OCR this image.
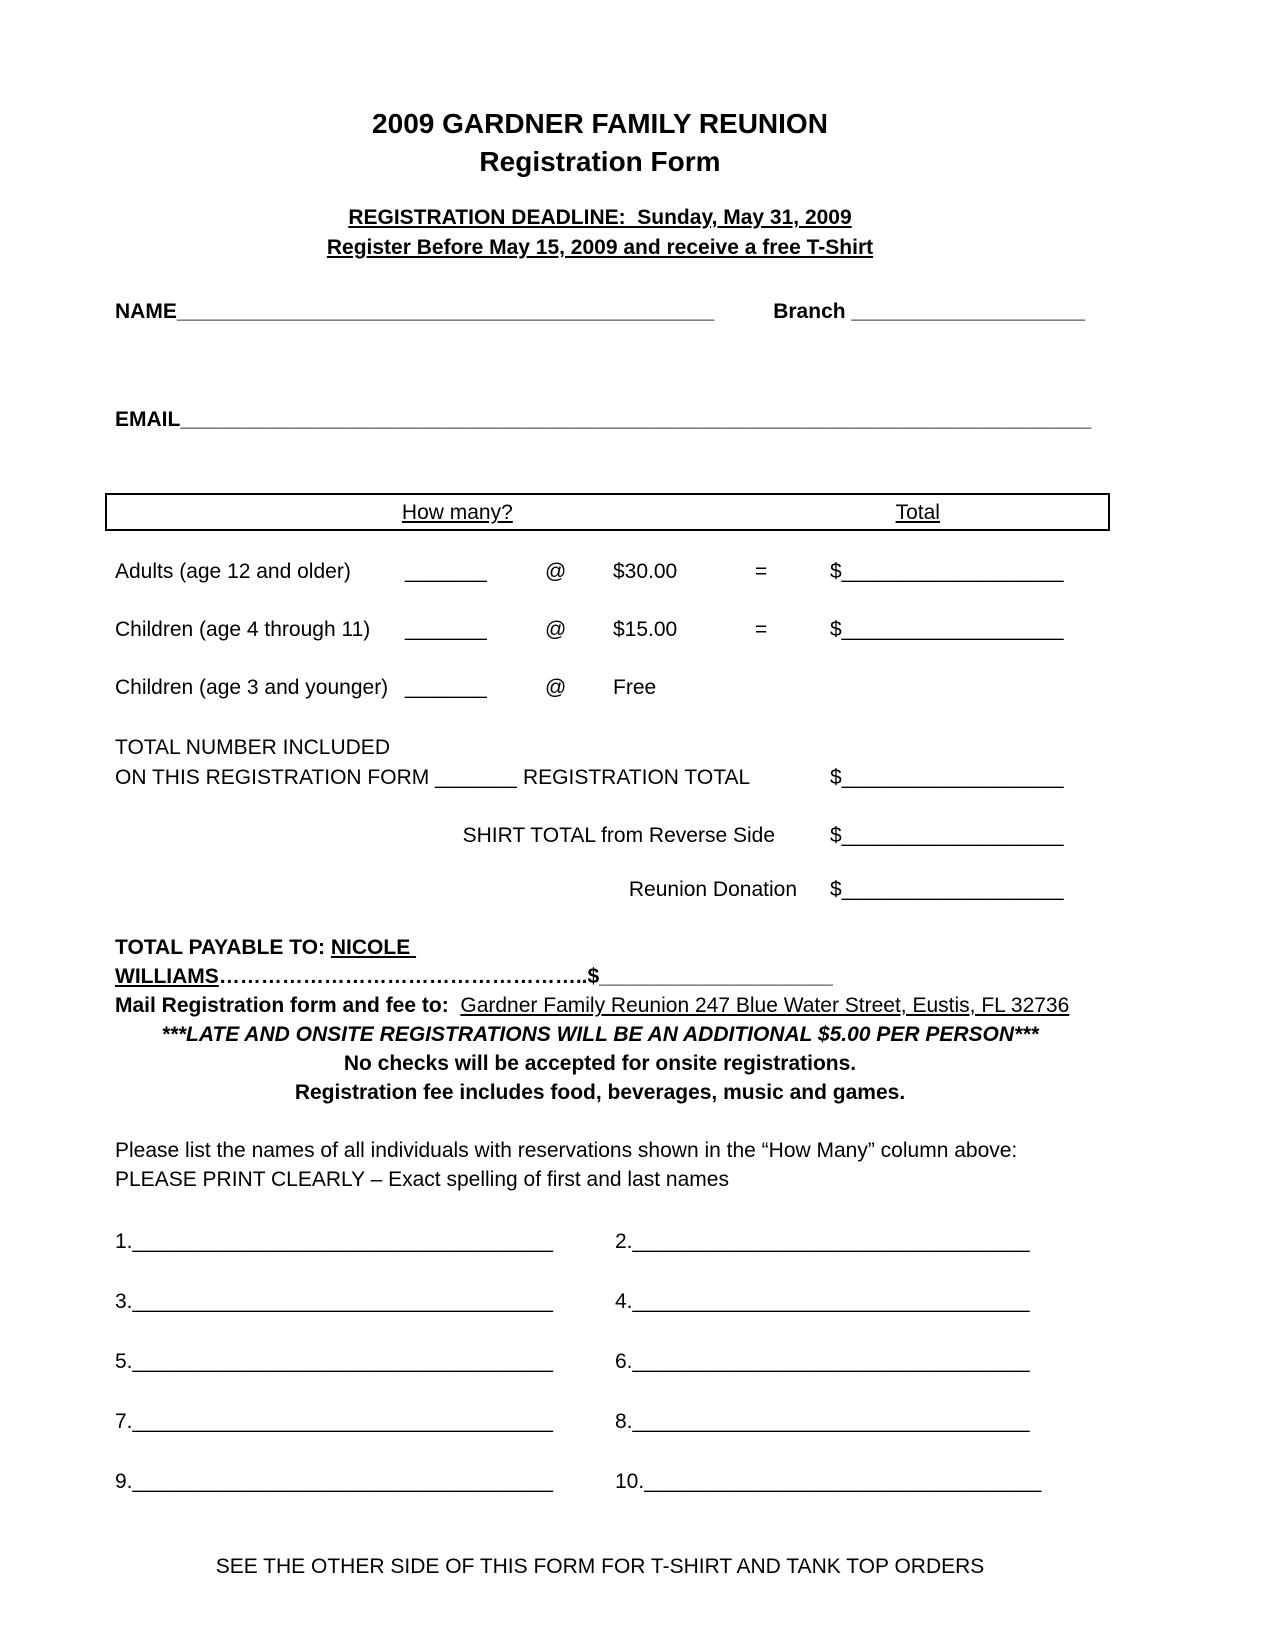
2009 GARDNER FAMILY REUNION
Registration Form
REGISTRATION DEADLINE:  Sunday, May 31, 2009
Register Before May 15, 2009 and receive a free T-Shirt
NAME______________________________________________	Branch ____________________

EMAIL______________________________________________________________________________

How many?	Total
Adults (age 12 and older)	_______	@	$30.00	=	$___________________
Children (age 4 through 11)	_______	@	$15.00	=	$___________________
Children (age 3 and younger) _______	@	Free
TOTAL NUMBER INCLUDED
ON THIS REGISTRATION FORM _______ REGISTRATION TOTAL	$___________________
SHIRT TOTAL from Reverse Side	$___________________
Reunion Donation	$___________________
TOTAL PAYABLE TO: NICOLE WILLIAMS……………………………………………..$____________________
Mail Registration form and fee to:  Gardner Family Reunion 247 Blue Water Street, Eustis, FL 32736
***LATE AND ONSITE REGISTRATIONS WILL BE AN ADDITIONAL $5.00 PER PERSON***
No checks will be accepted for onsite registrations.
Registration fee includes food, beverages, music and games.
Please list the names of all individuals with reservations shown in the “How Many” column above:
PLEASE PRINT CLEARLY – Exact spelling of first and last names
1.____________________________________	2.__________________________________
3.____________________________________	4.__________________________________
5.____________________________________	6.__________________________________
7.____________________________________	8.__________________________________
9.____________________________________	10.__________________________________
SEE THE OTHER SIDE OF THIS FORM FOR T-SHIRT AND TANK TOP ORDERS
